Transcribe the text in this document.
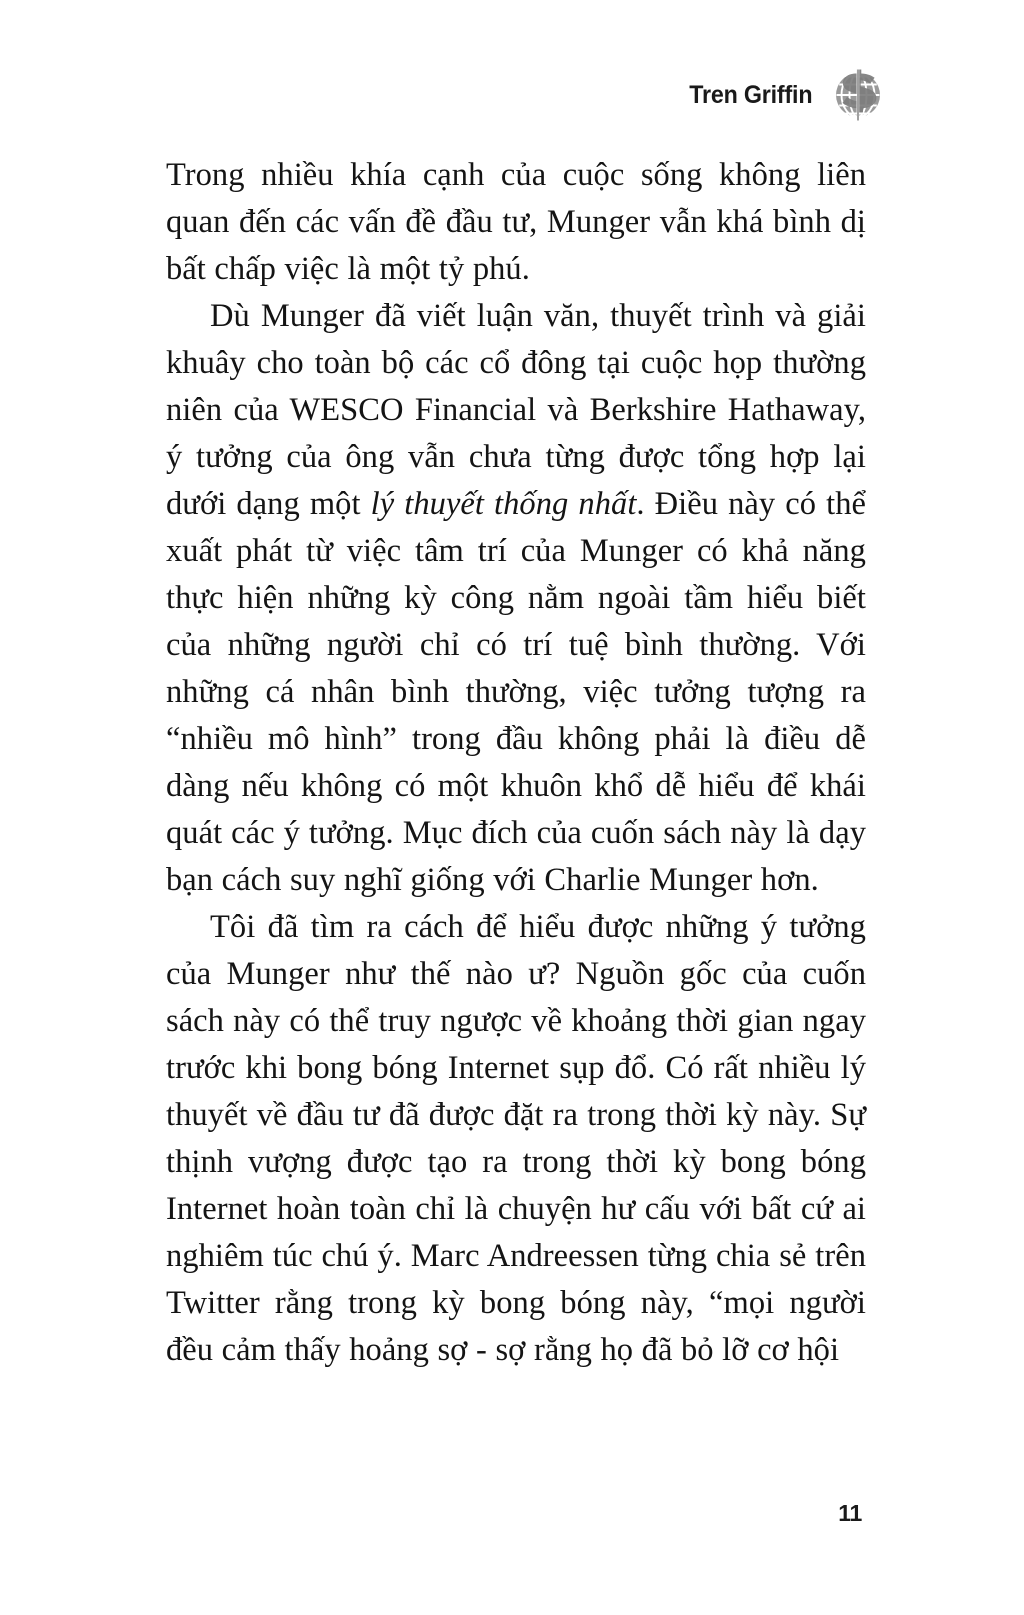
Tren Griffin

Trong nhiều khía cạnh của cuộc sống không liên quan đến các vấn đề đầu tư, Munger vẫn khá bình dị bất chấp việc là một tỷ phú.

Dù Munger đã viết luận văn, thuyết trình và giải khuây cho toàn bộ các cổ đông tại cuộc họp thường niên của WESCO Financial và Berkshire Hathaway, ý tưởng của ông vẫn chưa từng được tổng hợp lại dưới dạng một lý thuyết thống nhất. Điều này có thể xuất phát từ việc tâm trí của Munger có khả năng thực hiện những kỳ công nằm ngoài tầm hiểu biết của những người chỉ có trí tuệ bình thường. Với những cá nhân bình thường, việc tưởng tượng ra “nhiều mô hình” trong đầu không phải là điều dễ dàng nếu không có một khuôn khổ dễ hiểu để khái quát các ý tưởng. Mục đích của cuốn sách này là dạy bạn cách suy nghĩ giống với Charlie Munger hơn.

Tôi đã tìm ra cách để hiểu được những ý tưởng của Munger như thế nào ư? Nguồn gốc của cuốn sách này có thể truy ngược về khoảng thời gian ngay trước khi bong bóng Internet sụp đổ. Có rất nhiều lý thuyết về đầu tư đã được đặt ra trong thời kỳ này. Sự thịnh vượng được tạo ra trong thời kỳ bong bóng Internet hoàn toàn chỉ là chuyện hư cấu với bất cứ ai nghiêm túc chú ý. Marc Andreessen từng chia sẻ trên Twitter rằng trong kỳ bong bóng này, “mọi người đều cảm thấy hoảng sợ - sợ rằng họ đã bỏ lỡ cơ hội

11
